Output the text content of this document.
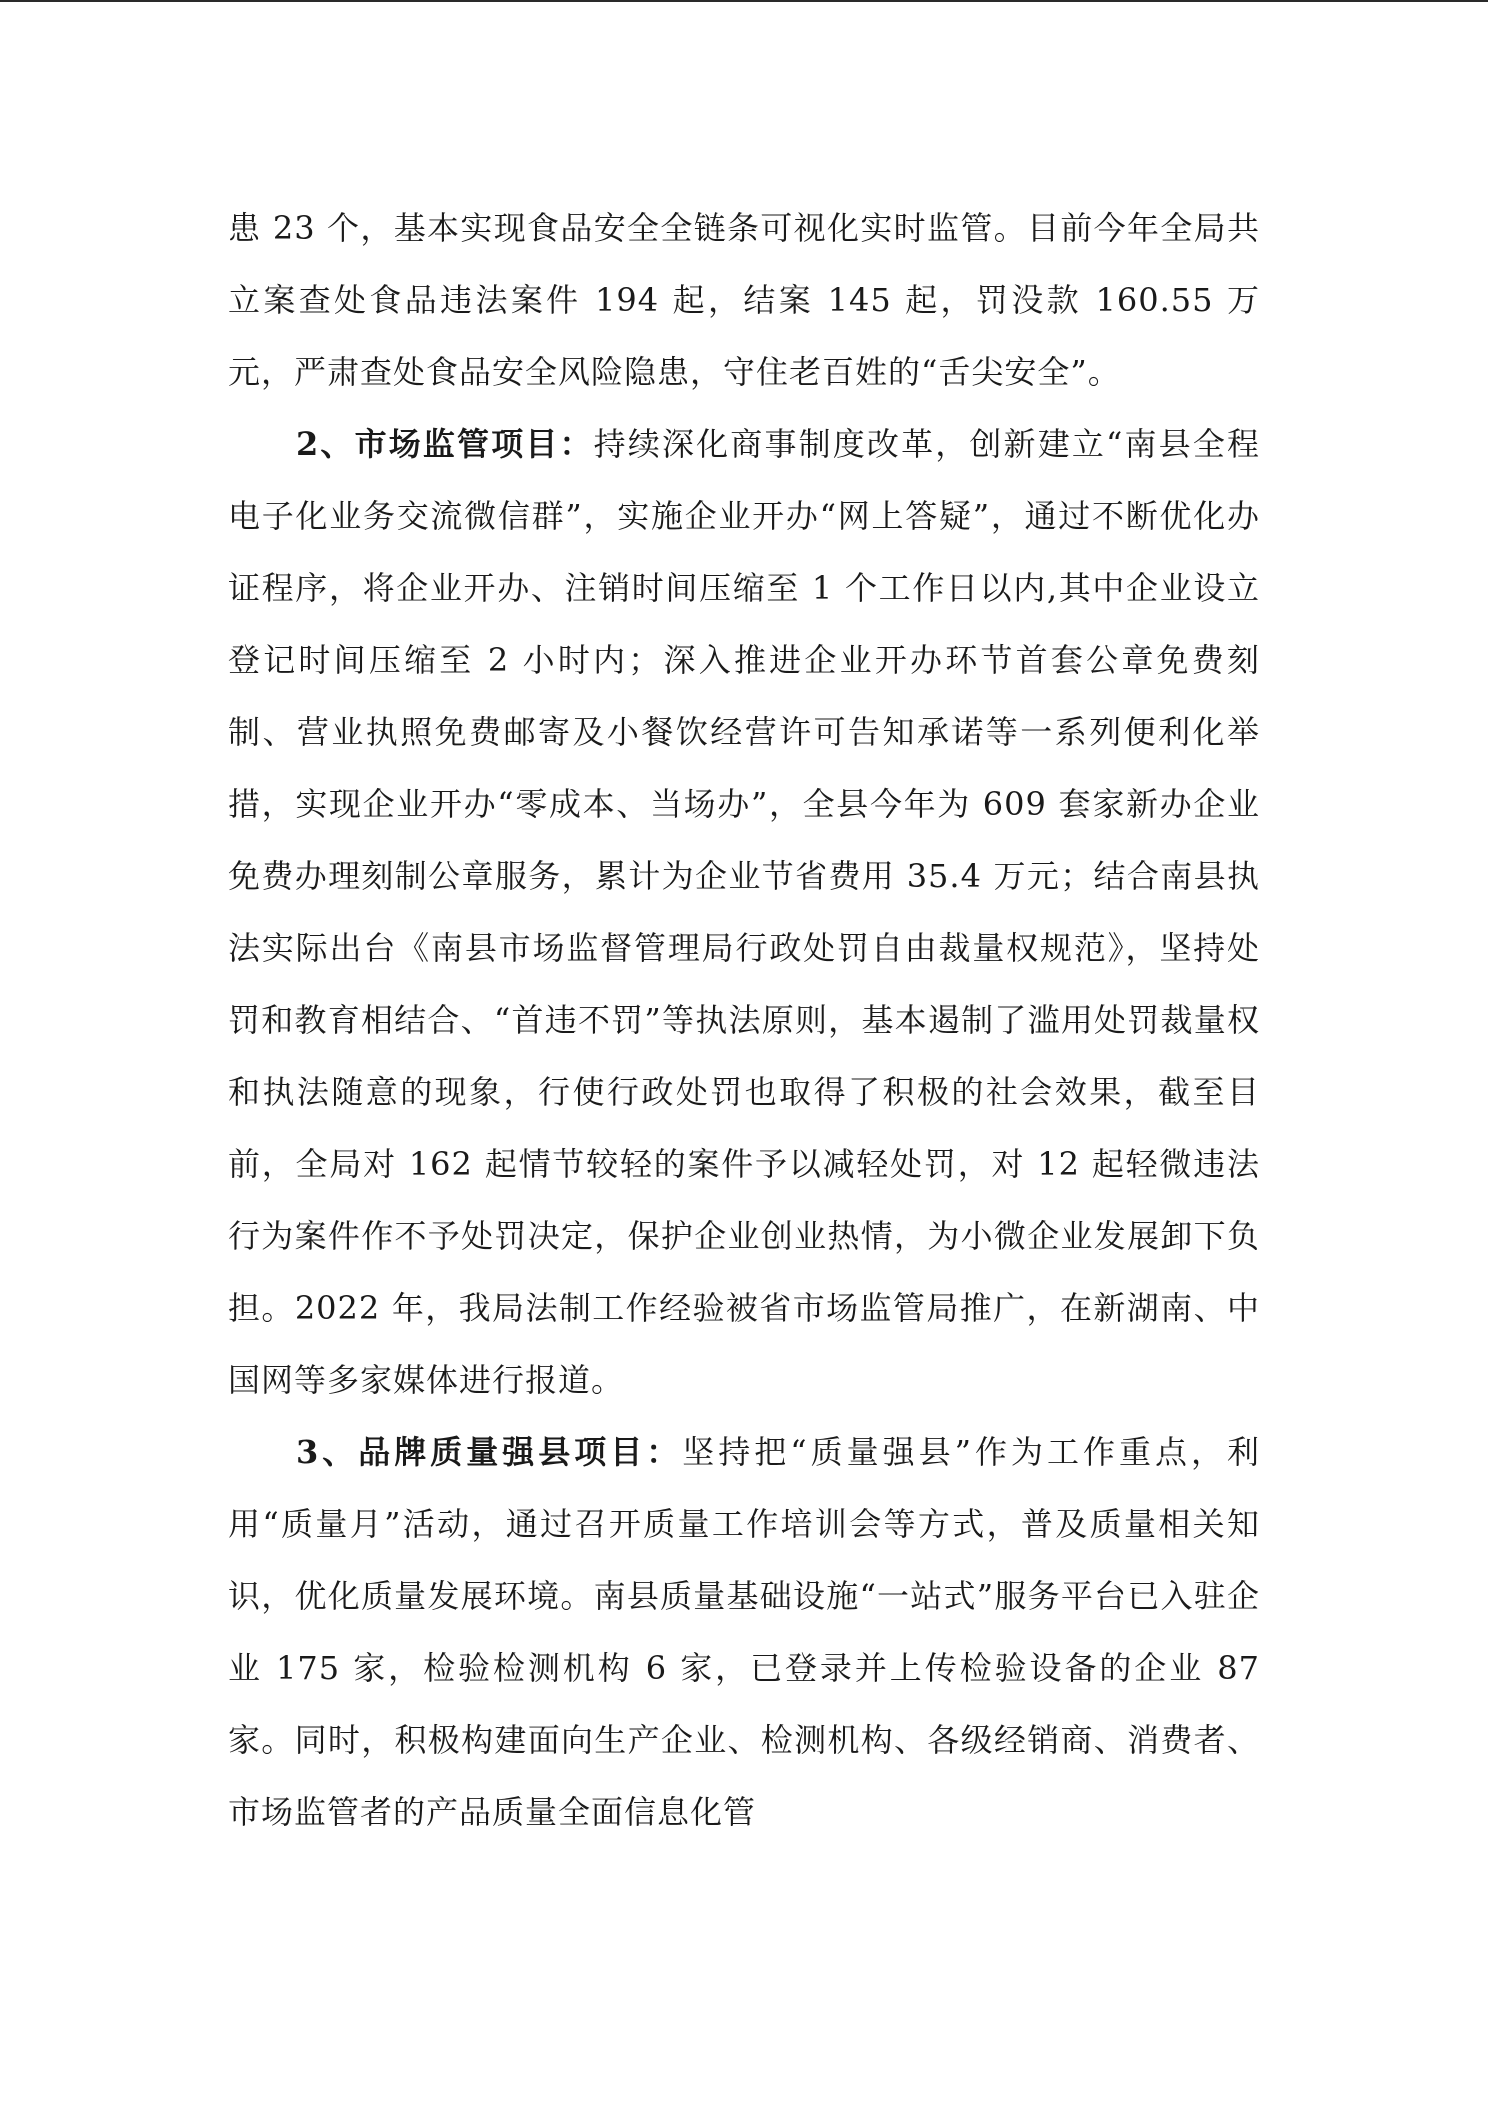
患 23 个，基本实现食品安全全链条可视化实时监管。目前今年全局共立案查处食品违法案件 194 起，结案 145 起，罚没款 160.55 万元，严肃查处食品安全风险隐患，守住老百姓的“舌尖安全”。

2、市场监管项目：持续深化商事制度改革，创新建立“南县全程电子化业务交流微信群”，实施企业开办“网上答疑”，通过不断优化办证程序，将企业开办、注销时间压缩至 1 个工作日以内,其中企业设立登记时间压缩至 2 小时内；深入推进企业开办环节首套公章免费刻制、营业执照免费邮寄及小餐饮经营许可告知承诺等一系列便利化举措，实现企业开办“零成本、当场办”，全县今年为 609 套家新办企业免费办理刻制公章服务，累计为企业节省费用 35.4 万元；结合南县执法实际出台《南县市场监督管理局行政处罚自由裁量权规范》，坚持处罚和教育相结合、“首违不罚”等执法原则，基本遏制了滥用处罚裁量权和执法随意的现象，行使行政处罚也取得了积极的社会效果，截至目前，全局对 162 起情节较轻的案件予以减轻处罚，对 12 起轻微违法行为案件作不予处罚决定，保护企业创业热情，为小微企业发展卸下负担。2022 年，我局法制工作经验被省市场监管局推广，在新湖南、中国网等多家媒体进行报道。

3、品牌质量强县项目：坚持把“质量强县”作为工作重点，利用“质量月”活动，通过召开质量工作培训会等方式，普及质量相关知识，优化质量发展环境。南县质量基础设施“一站式”服务平台已入驻企业 175 家，检验检测机构 6 家，已登录并上传检验设备的企业 87 家。同时，积极构建面向生产企业、检测机构、各级经销商、消费者、市场监管者的产品质量全面信息化管
